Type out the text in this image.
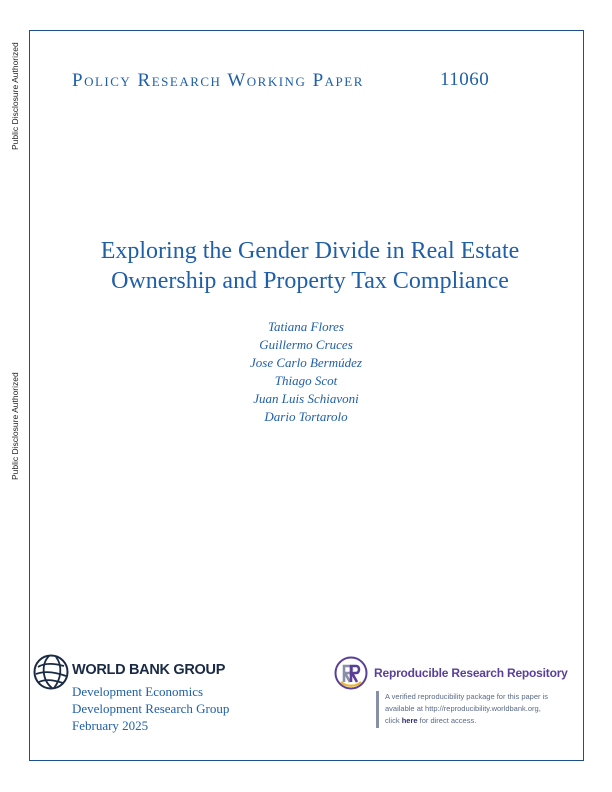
Public Disclosure Authorized
Public Disclosure Authorized
Policy Research Working Paper	11060
Exploring the Gender Divide in Real Estate
Ownership and Property Tax Compliance
Tatiana Flores
Guillermo Cruces
Jose Carlo Bermúdez
Thiago Scot
Juan Luis Schiavoni
Dario Tortarolo
WORLD BANK GROUP
Development Economics
Development Research Group
February 2025
Reproducible Research Repository
A verified reproducibility package for this paper is
available at http://reproducibility.worldbank.org,
click here for direct access.
